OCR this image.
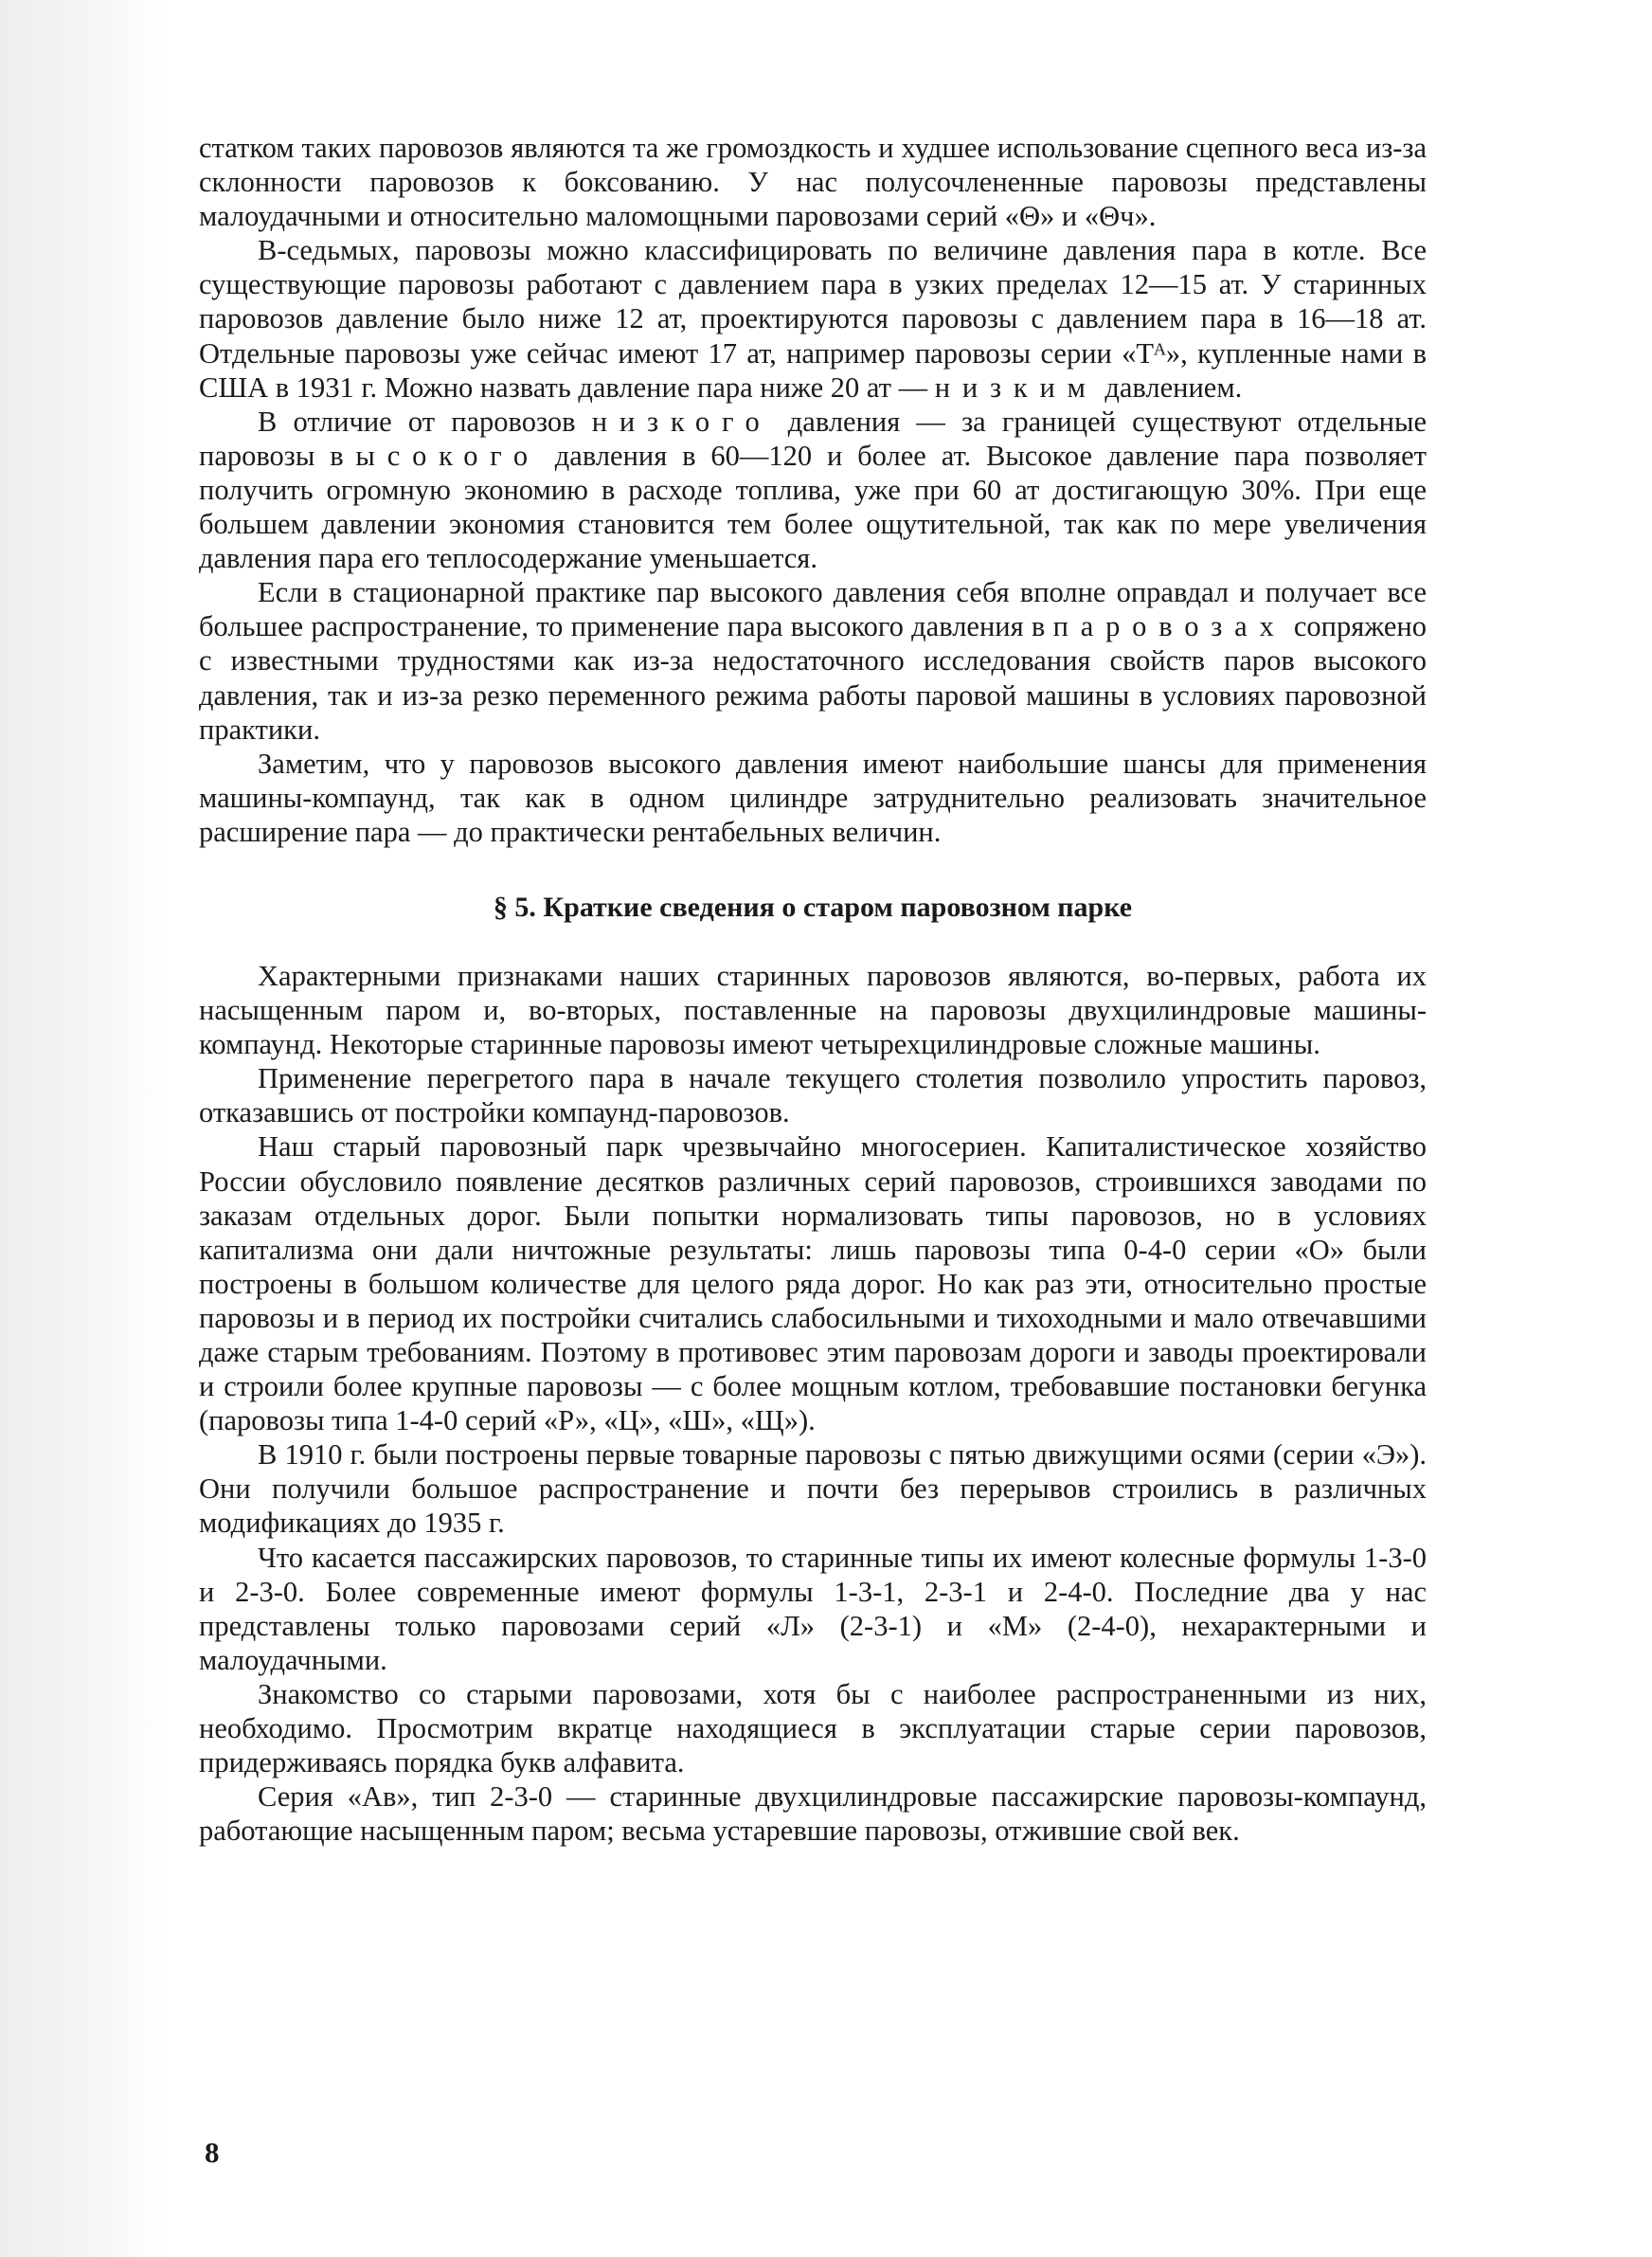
статком таких паровозов являются та же громоздкость и худшее использование сцепного веса из-за склонности паровозов к боксованию. У нас полусочлененные паровозы представлены малоудачными и относительно маломощными паровозами серий «Θ» и «Θч».

В-седьмых, паровозы можно классифицировать по величине давления пара в котле. Все существующие паровозы работают с давлением пара в узких пределах 12—15 ат. У старинных паровозов давление было ниже 12 ат, проектируются паровозы с давлением пара в 16—18 ат. Отдельные паровозы уже сейчас имеют 17 ат, например паровозы серии «Тᴬ», купленные нами в США в 1931 г. Можно назвать давление пара ниже 20 ат — низким давлением.

В отличие от паровозов низкого давления — за границей существуют отдельные паровозы высокого давления в 60—120 и более ат. Высокое давление пара позволяет получить огромную экономию в расходе топлива, уже при 60 ат достигающую 30%. При еще большем давлении экономия становится тем более ощутительной, так как по мере увеличения давления пара его теплосодержание уменьшается.

Если в стационарной практике пар высокого давления себя вполне оправдал и получает все большее распространение, то применение пара высокого давления в паровозах сопряжено с известными трудностями как из-за недостаточного исследования свойств паров высокого давления, так и из-за резко переменного режима работы паровой машины в условиях паровозной практики.

Заметим, что у паровозов высокого давления имеют наибольшие шансы для применения машины-компаунд, так как в одном цилиндре затруднительно реализовать значительное расширение пара — до практически рентабельных величин.

§ 5. Краткие сведения о старом паровозном парке

Характерными признаками наших старинных паровозов являются, во-первых, работа их насыщенным паром и, во-вторых, поставленные на паровозы двухцилиндровые машины-компаунд. Некоторые старинные паровозы имеют четырехцилиндровые сложные машины.

Применение перегретого пара в начале текущего столетия позволило упростить паровоз, отказавшись от постройки компаунд-паровозов.

Наш старый паровозный парк чрезвычайно многосериен. Капиталистическое хозяйство России обусловило появление десятков различных серий паровозов, строившихся заводами по заказам отдельных дорог. Были попытки нормализовать типы паровозов, но в условиях капитализма они дали ничтожные результаты: лишь паровозы типа 0-4-0 серии «О» были построены в большом количестве для целого ряда дорог. Но как раз эти, относительно простые паровозы и в период их постройки считались слабосильными и тихоходными и мало отвечавшими даже старым требованиям. Поэтому в противовес этим паровозам дороги и заводы проектировали и строили более крупные паровозы — с более мощным котлом, требовавшие постановки бегунка (паровозы типа 1-4-0 серий «Р», «Ц», «Ш», «Щ»).

В 1910 г. были построены первые товарные паровозы с пятью движущими осями (серии «Э»). Они получили большое распространение и почти без перерывов строились в различных модификациях до 1935 г.

Что касается пассажирских паровозов, то старинные типы их имеют колесные формулы 1-3-0 и 2-3-0. Более современные имеют формулы 1-3-1, 2-3-1 и 2-4-0. Последние два у нас представлены только паровозами серий «Л» (2-3-1) и «М» (2-4-0), нехарактерными и малоудачными.

Знакомство со старыми паровозами, хотя бы с наиболее распространенными из них, необходимо. Просмотрим вкратце находящиеся в эксплуатации старые серии паровозов, придерживаясь порядка букв алфавита.

Серия «Ав», тип 2-3-0 — старинные двухцилиндровые пассажирские паровозы-компаунд, работающие насыщенным паром; весьма устаревшие паровозы, отжившие свой век.

8
